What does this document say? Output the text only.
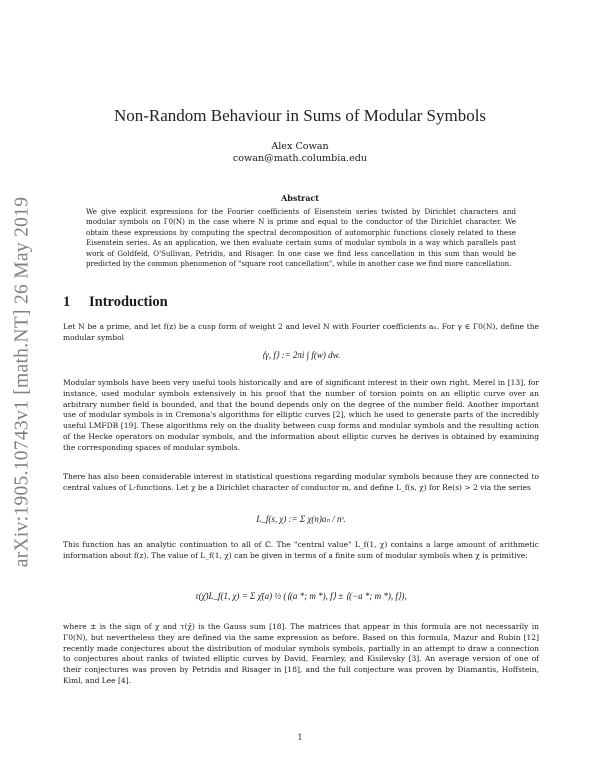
arXiv:1905.10743v1 [math.NT] 26 May 2019
Non-Random Behaviour in Sums of Modular Symbols
Alex Cowan
cowan@math.columbia.edu
Abstract

We give explicit expressions for the Fourier coefficients of Eisenstein series twisted by Dirichlet characters and modular symbols on Γ0(N) in the case where N is prime and equal to the conductor of the Dirichlet character. We obtain these expressions by computing the spectral decomposition of automorphic functions closely related to these Eisenstein series. As an application, we then evaluate certain sums of modular symbols in a way which parallels past work of Goldfeld, O'Sullivan, Petridis, and Risager. In one case we find less cancellation in this sum than would be predicted by the common phenomenon of "square root cancellation", while in another case we find more cancellation.

1 Introduction

Let N be a prime, and let f(z) be a cusp form of weight 2 and level N with Fourier coefficients aₙ. For γ ∈ Γ0(N), define the modular symbol

⟨γ, f⟩ := 2πi ∫ f(w) dw.

Modular symbols have been very useful tools historically and are of significant interest in their own right. Merel in [13], for instance, used modular symbols extensively in his proof that the number of torsion points on an elliptic curve over an arbitrary number field is bounded, and that the bound depends only on the degree of the number field. Another important use of modular symbols is in Cremona's algorithms for elliptic curves [2], which he used to generate parts of the incredibly useful LMFDB [19]. These algorithms rely on the duality between cusp forms and modular symbols and the resulting action of the Hecke operators on modular symbols, and the information about elliptic curves he derives is obtained by examining the corresponding spaces of modular symbols.

There has also been considerable interest in statistical questions regarding modular symbols because they are connected to central values of L-functions. Let χ be a Dirichlet character of conductor m, and define L_f(s, χ) for Re(s) > 2 via the series

L_f(s, χ) := Σ χ(n)aₙ / nˢ.

This function has an analytic continuation to all of ℂ. The "central value" L_f(1, χ) contains a large amount of arithmetic information about f(z). The value of L_f(1, χ) can be given in terms of a finite sum of modular symbols when χ is primitive:

τ(χ̄)L_f(1, χ) = Σ χ̄(a) ½ (⟨(a *; m *), f⟩ ± ⟨(−a *; m *), f⟩),

where ± is the sign of χ and τ(χ̄) is the Gauss sum [18]. The matrices that appear in this formula are not necessarily in Γ0(N), but nevertheless they are defined via the same expression as before. Based on this formula, Mazur and Rubin [12] recently made conjectures about the distribution of modular symbols symbols, partially in an attempt to draw a connection to conjectures about ranks of twisted elliptic curves by David, Fearnley, and Kisilevsky [3]. An average version of one of their conjectures was proven by Petridis and Risager in [18], and the full conjecture was proven by Diamantis, Hoffstein, Kiml, and Lee [4].

1
